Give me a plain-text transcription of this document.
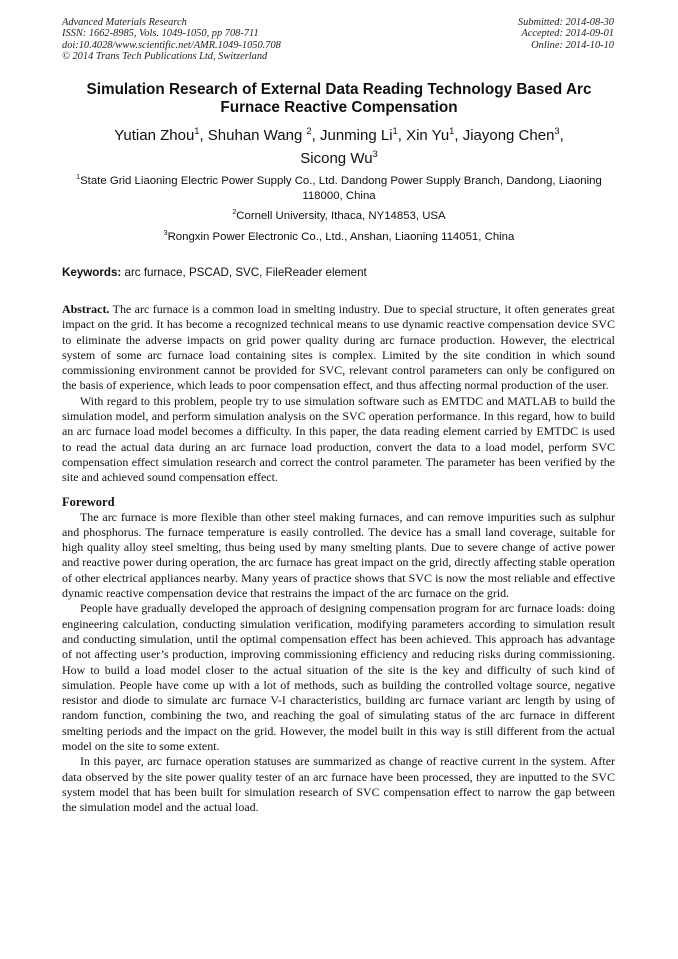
Advanced Materials Research
ISSN: 1662-8985, Vols. 1049-1050, pp 708-711
doi:10.4028/www.scientific.net/AMR.1049-1050.708
© 2014 Trans Tech Publications Ltd, Switzerland
Submitted: 2014-08-30
Accepted: 2014-09-01
Online: 2014-10-10
Simulation Research of External Data Reading Technology Based Arc Furnace Reactive Compensation
Yutian Zhou$^1$, Shuhan Wang $^2$, Junming Li$^1$, Xin Yu$^1$, Jiayong Chen$^3$,
Sicong Wu$^3$
$^1$State Grid Liaoning Electric Power Supply Co., Ltd. Dandong Power Supply Branch, Dandong, Liaoning 118000, China
$^2$Cornell University, Ithaca, NY14853, USA
$^3$Rongxin Power Electronic Co., Ltd., Anshan, Liaoning 114051, China
Keywords: arc furnace, PSCAD, SVC, FileReader element

Abstract. The arc furnace is a common load in smelting industry. Due to special structure, it often generates great impact on the grid. It has become a recognized technical means to use dynamic reactive compensation device SVC to eliminate the adverse impacts on grid power quality during arc furnace production. However, the electrical system of some arc furnace load containing sites is complex. Limited by the site condition in which sound commissioning environment cannot be provided for SVC, relevant control parameters can only be configured on the basis of experience, which leads to poor compensation effect, and thus affecting normal production of the user.

With regard to this problem, people try to use simulation software such as EMTDC and MATLAB to build the simulation model, and perform simulation analysis on the SVC operation performance. In this regard, how to build an arc furnace load model becomes a difficulty. In this paper, the data reading element carried by EMTDC is used to read the actual data during an arc furnace load production, convert the data to a load model, perform SVC compensation effect simulation research and correct the control parameter. The parameter has been verified by the site and achieved sound compensation effect.

Foreword

The arc furnace is more flexible than other steel making furnaces, and can remove impurities such as sulphur and phosphorus. The furnace temperature is easily controlled. The device has a small land coverage, suitable for high quality alloy steel smelting, thus being used by many smelting plants. Due to severe change of active power and reactive power during operation, the arc furnace has great impact on the grid, directly affecting stable operation of other electrical appliances nearby. Many years of practice shows that SVC is now the most reliable and effective dynamic reactive compensation device that restrains the impact of the arc furnace on the grid.

People have gradually developed the approach of designing compensation program for arc furnace loads: doing engineering calculation, conducting simulation verification, modifying parameters according to simulation result and conducting simulation, until the optimal compensation effect has been achieved. This approach has advantage of not affecting user’s production, improving commissioning efficiency and reducing risks during commissioning. How to build a load model closer to the actual situation of the site is the key and difficulty of such kind of simulation. People have come up with a lot of methods, such as building the controlled voltage source, negative resistor and diode to simulate arc furnace V-I characteristics, building arc furnace variant arc length by using of random function, combining the two, and reaching the goal of simulating status of the arc furnace in different smelting periods and the impact on the grid. However, the model built in this way is still different from the actual model on the site to some extent.

In this payer, arc furnace operation statuses are summarized as change of reactive current in the system. After data observed by the site power quality tester of an arc furnace have been processed, they are inputted to the SVC system model that has been built for simulation research of SVC compensation effect to narrow the gap between the simulation model and the actual load.
